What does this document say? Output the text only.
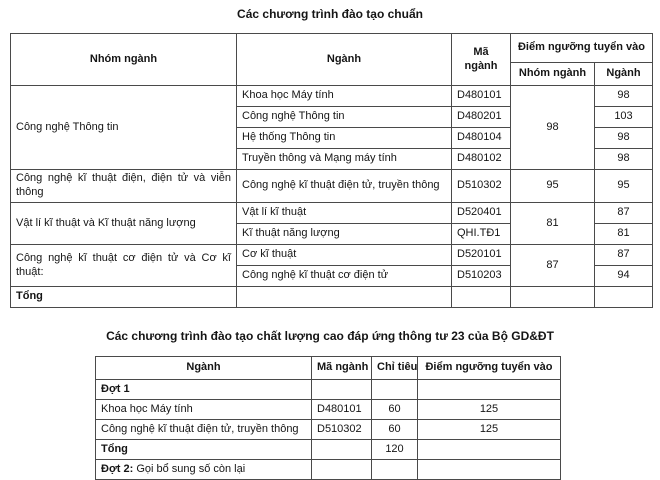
Các chương trình đào tạo chuẩn
Nhóm ngành	Ngành	Mã ngành	Điểm ngưỡng tuyển vào	
			Nhóm ngành	Ngành
Công nghệ Thông tin	Khoa học Máy tính	D480101	98	98
	Công nghệ Thông tin	D480201		103
	Hệ thống Thông tin	D480104		98
	Truyền thông và Mạng máy tính	D480102		98
Công nghệ kĩ thuật điện, điện tử và viễn thông	Công nghệ kĩ thuật điện tử, truyền thông	D510302	95	95
Vật lí kĩ thuật và Kĩ thuật năng lượng	Vật lí kĩ thuật	D520401	81	87
	Kĩ thuật năng lượng	QHI.TĐ1		81
Công nghệ kĩ thuật cơ điện tử và Cơ kĩ thuật:	Cơ kĩ thuật	D520101	87	87
	Công nghệ kĩ thuật cơ điện tử	D510203		94
Tổng				
Các chương trình đào tạo chất lượng cao đáp ứng thông tư 23 của Bộ GD&ĐT
Ngành	Mã ngành	Chỉ tiêu	Điểm ngưỡng tuyển vào
Đợt 1			
Khoa học Máy tính	D480101	60	125
Công nghệ kĩ thuật điện tử, truyền thông	D510302	60	125
Tổng		120	
Đợt 2: Gọi bổ sung số còn lại			
